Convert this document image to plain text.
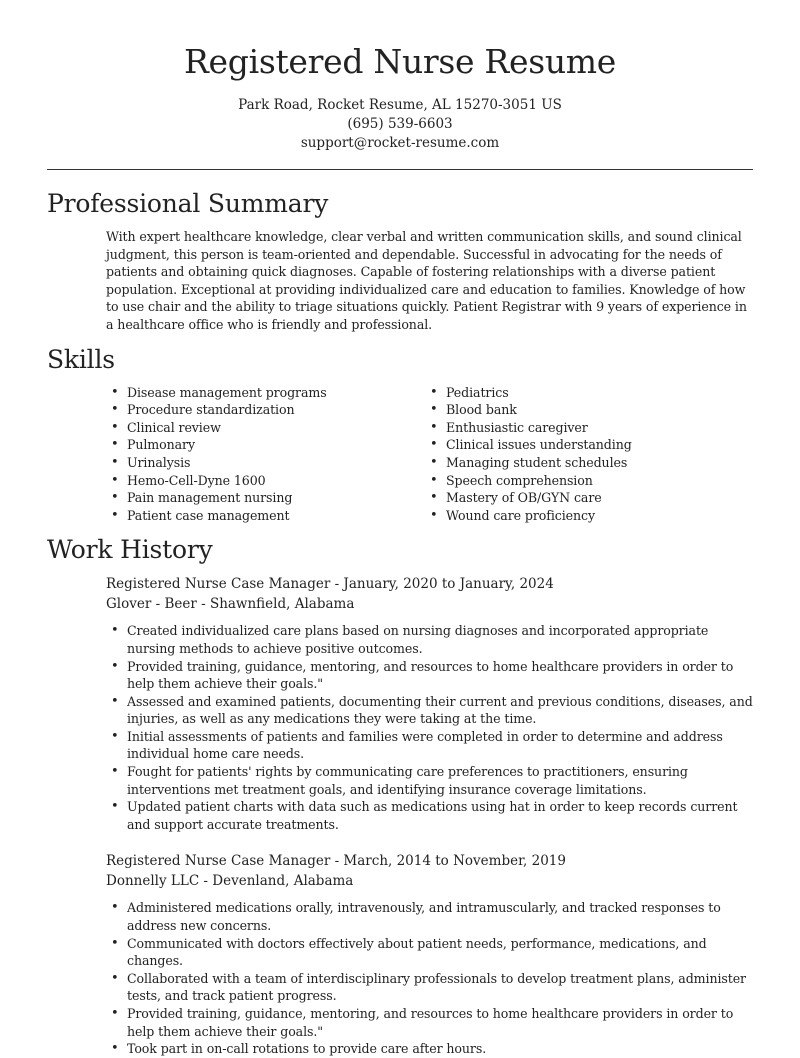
Registered Nurse Resume
Park Road, Rocket Resume, AL 15270-3051 US
(695) 539-6603
support@rocket-resume.com
Professional Summary

With expert healthcare knowledge, clear verbal and written communication skills, and sound clinical judgment, this person is team-oriented and dependable. Successful in advocating for the needs of patients and obtaining quick diagnoses. Capable of fostering relationships with a diverse patient population. Exceptional at providing individualized care and education to families. Knowledge of how to use chair and the ability to triage situations quickly. Patient Registrar with 9 years of experience in a healthcare office who is friendly and professional.

Skills
• Disease management programs
• Procedure standardization
• Clinical review
• Pulmonary
• Urinalysis
• Hemo-Cell-Dyne 1600
• Pain management nursing
• Patient case management
• Pediatrics
• Blood bank
• Enthusiastic caregiver
• Clinical issues understanding
• Managing student schedules
• Speech comprehension
• Mastery of OB/GYN care
• Wound care proficiency
Work History
Registered Nurse Case Manager - January, 2020 to January, 2024
Glover - Beer - Shawnfield, Alabama
• Created individualized care plans based on nursing diagnoses and incorporated appropriate nursing methods to achieve positive outcomes.
• Provided training, guidance, mentoring, and resources to home healthcare providers in order to help them achieve their goals."
• Assessed and examined patients, documenting their current and previous conditions, diseases, and injuries, as well as any medications they were taking at the time.
• Initial assessments of patients and families were completed in order to determine and address individual home care needs.
• Fought for patients' rights by communicating care preferences to practitioners, ensuring interventions met treatment goals, and identifying insurance coverage limitations.
• Updated patient charts with data such as medications using hat in order to keep records current and support accurate treatments.
Registered Nurse Case Manager - March, 2014 to November, 2019
Donnelly LLC - Devenland, Alabama
• Administered medications orally, intravenously, and intramuscularly, and tracked responses to address new concerns.
• Communicated with doctors effectively about patient needs, performance, medications, and changes.
• Collaborated with a team of interdisciplinary professionals to develop treatment plans, administer tests, and track patient progress.
• Provided training, guidance, mentoring, and resources to home healthcare providers in order to help them achieve their goals."
• Took part in on-call rotations to provide care after hours.
